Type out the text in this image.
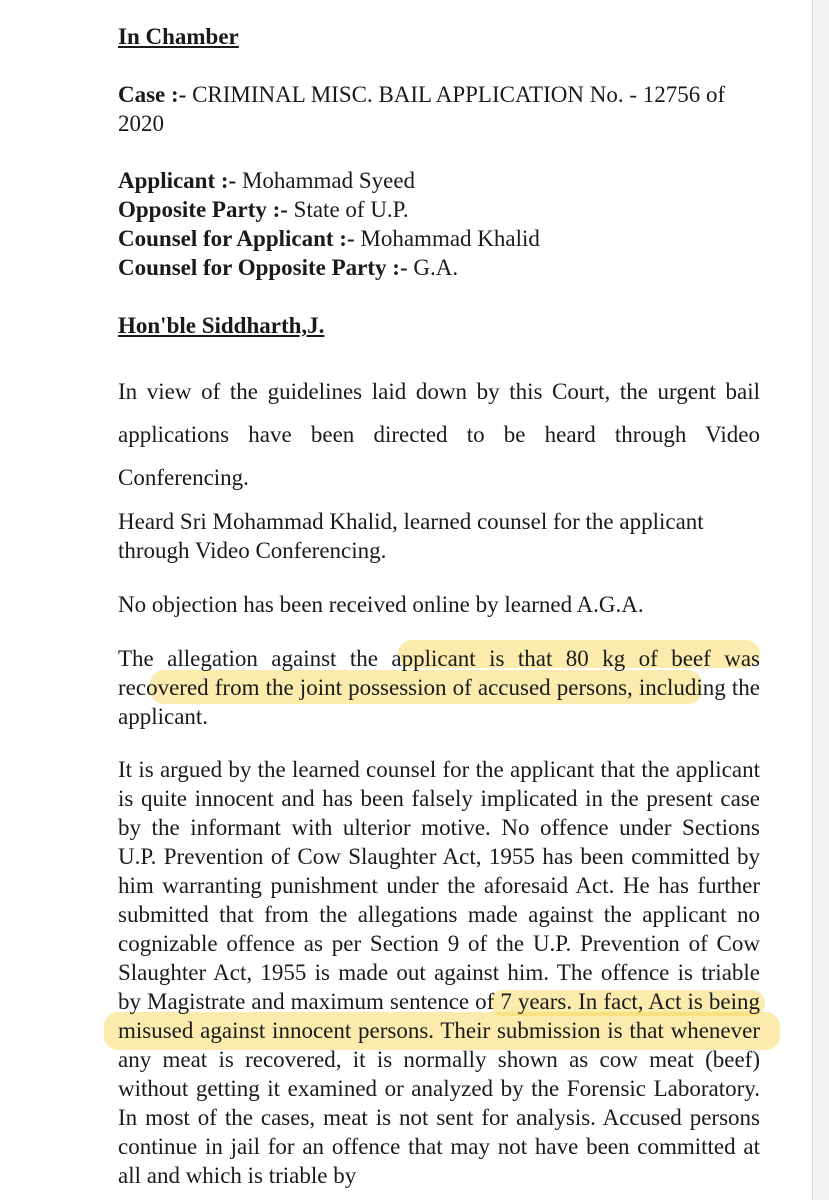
In Chamber

Case :- CRIMINAL MISC. BAIL APPLICATION No. - 12756 of 2020

Applicant :- Mohammad Syeed

Opposite Party :- State of U.P.

Counsel for Applicant :- Mohammad Khalid

Counsel for Opposite Party :- G.A.

Hon'ble Siddharth,J.

In view of the guidelines laid down by this Court, the urgent bail applications have been directed to be heard through Video Conferencing.

Heard Sri Mohammad Khalid, learned counsel for the applicant through Video Conferencing.

No objection has been received online by learned A.G.A.

The allegation against the applicant is that 80 kg of beef was recovered from the joint possession of accused persons, including the applicant.

It is argued by the learned counsel for the applicant that the applicant is quite innocent and has been falsely implicated in the present case by the informant with ulterior motive. No offence under Sections U.P. Prevention of Cow Slaughter Act, 1955 has been committed by him warranting punishment under the aforesaid Act. He has further submitted that from the allegations made against the applicant no cognizable offence as per Section 9 of the U.P. Prevention of Cow Slaughter Act, 1955 is made out against him. The offence is triable by Magistrate and maximum sentence of 7 years. In fact, Act is being misused against innocent persons. Their submission is that whenever any meat is recovered, it is normally shown as cow meat (beef) without getting it examined or analyzed by the Forensic Laboratory. In most of the cases, meat is not sent for analysis. Accused persons continue in jail for an offence that may not have been committed at all and which is triable by
